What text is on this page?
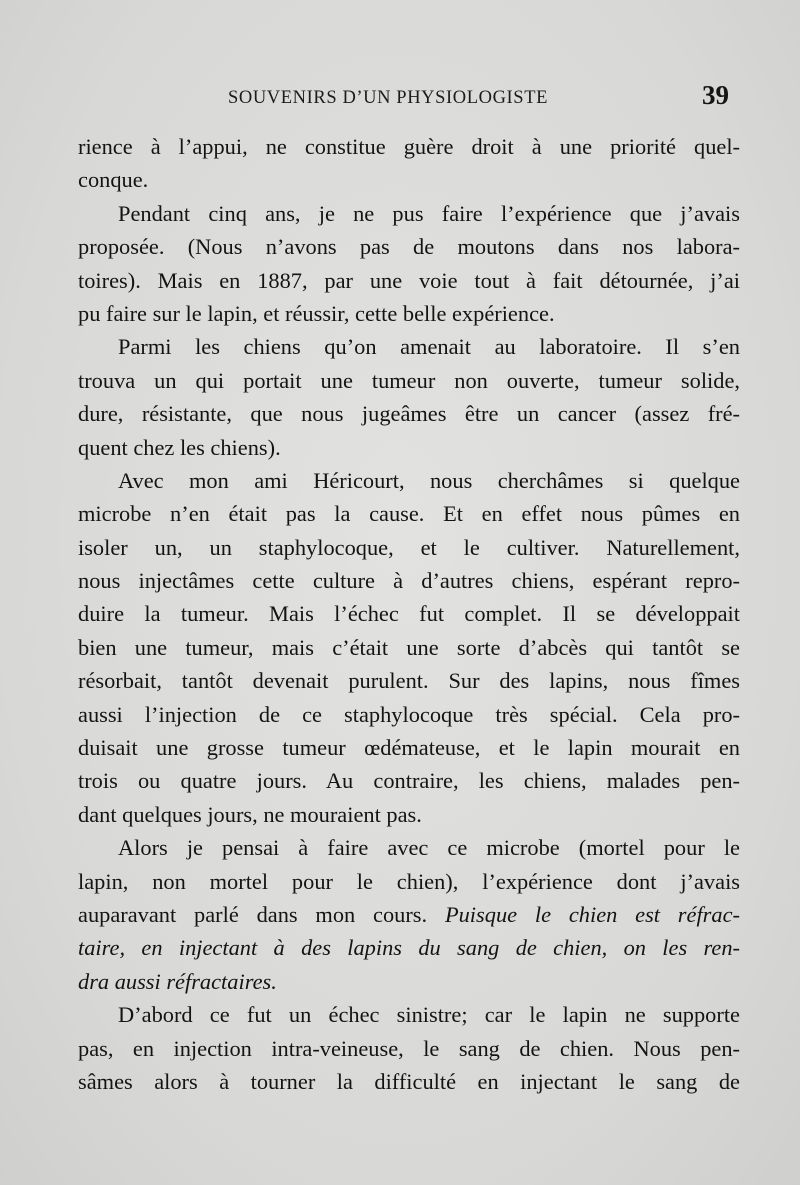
SOUVENIRS D’UN PHYSIOLOGISTE	39
rience à l’appui, ne constitue guère droit à une priorité quel-
conque.
Pendant cinq ans, je ne pus faire l’expérience que j’avais
proposée. (Nous n’avons pas de moutons dans nos labora-
toires). Mais en 1887, par une voie tout à fait détournée, j’ai
pu faire sur le lapin, et réussir, cette belle expérience.
Parmi les chiens qu’on amenait au laboratoire. Il s’en
trouva un qui portait une tumeur non ouverte, tumeur solide,
dure, résistante, que nous jugeâmes être un cancer (assez fré-
quent chez les chiens).
Avec mon ami Héricourt, nous cherchâmes si quelque
microbe n’en était pas la cause. Et en effet nous pûmes en
isoler un, un staphylocoque, et le cultiver. Naturellement,
nous injectâmes cette culture à d’autres chiens, espérant repro-
duire la tumeur. Mais l’échec fut complet. Il se développait
bien une tumeur, mais c’était une sorte d’abcès qui tantôt se
résorbait, tantôt devenait purulent. Sur des lapins, nous fîmes
aussi l’injection de ce staphylocoque très spécial. Cela pro-
duisait une grosse tumeur œdémateuse, et le lapin mourait en
trois ou quatre jours. Au contraire, les chiens, malades pen-
dant quelques jours, ne mouraient pas.
Alors je pensai à faire avec ce microbe (mortel pour le
lapin, non mortel pour le chien), l’expérience dont j’avais
auparavant parlé dans mon cours. Puisque le chien est réfrac-
taire, en injectant à des lapins du sang de chien, on les ren-
dra aussi réfractaires.
D’abord ce fut un échec sinistre; car le lapin ne supporte
pas, en injection intra-veineuse, le sang de chien. Nous pen-
sâmes alors à tourner la difficulté en injectant le sang de
